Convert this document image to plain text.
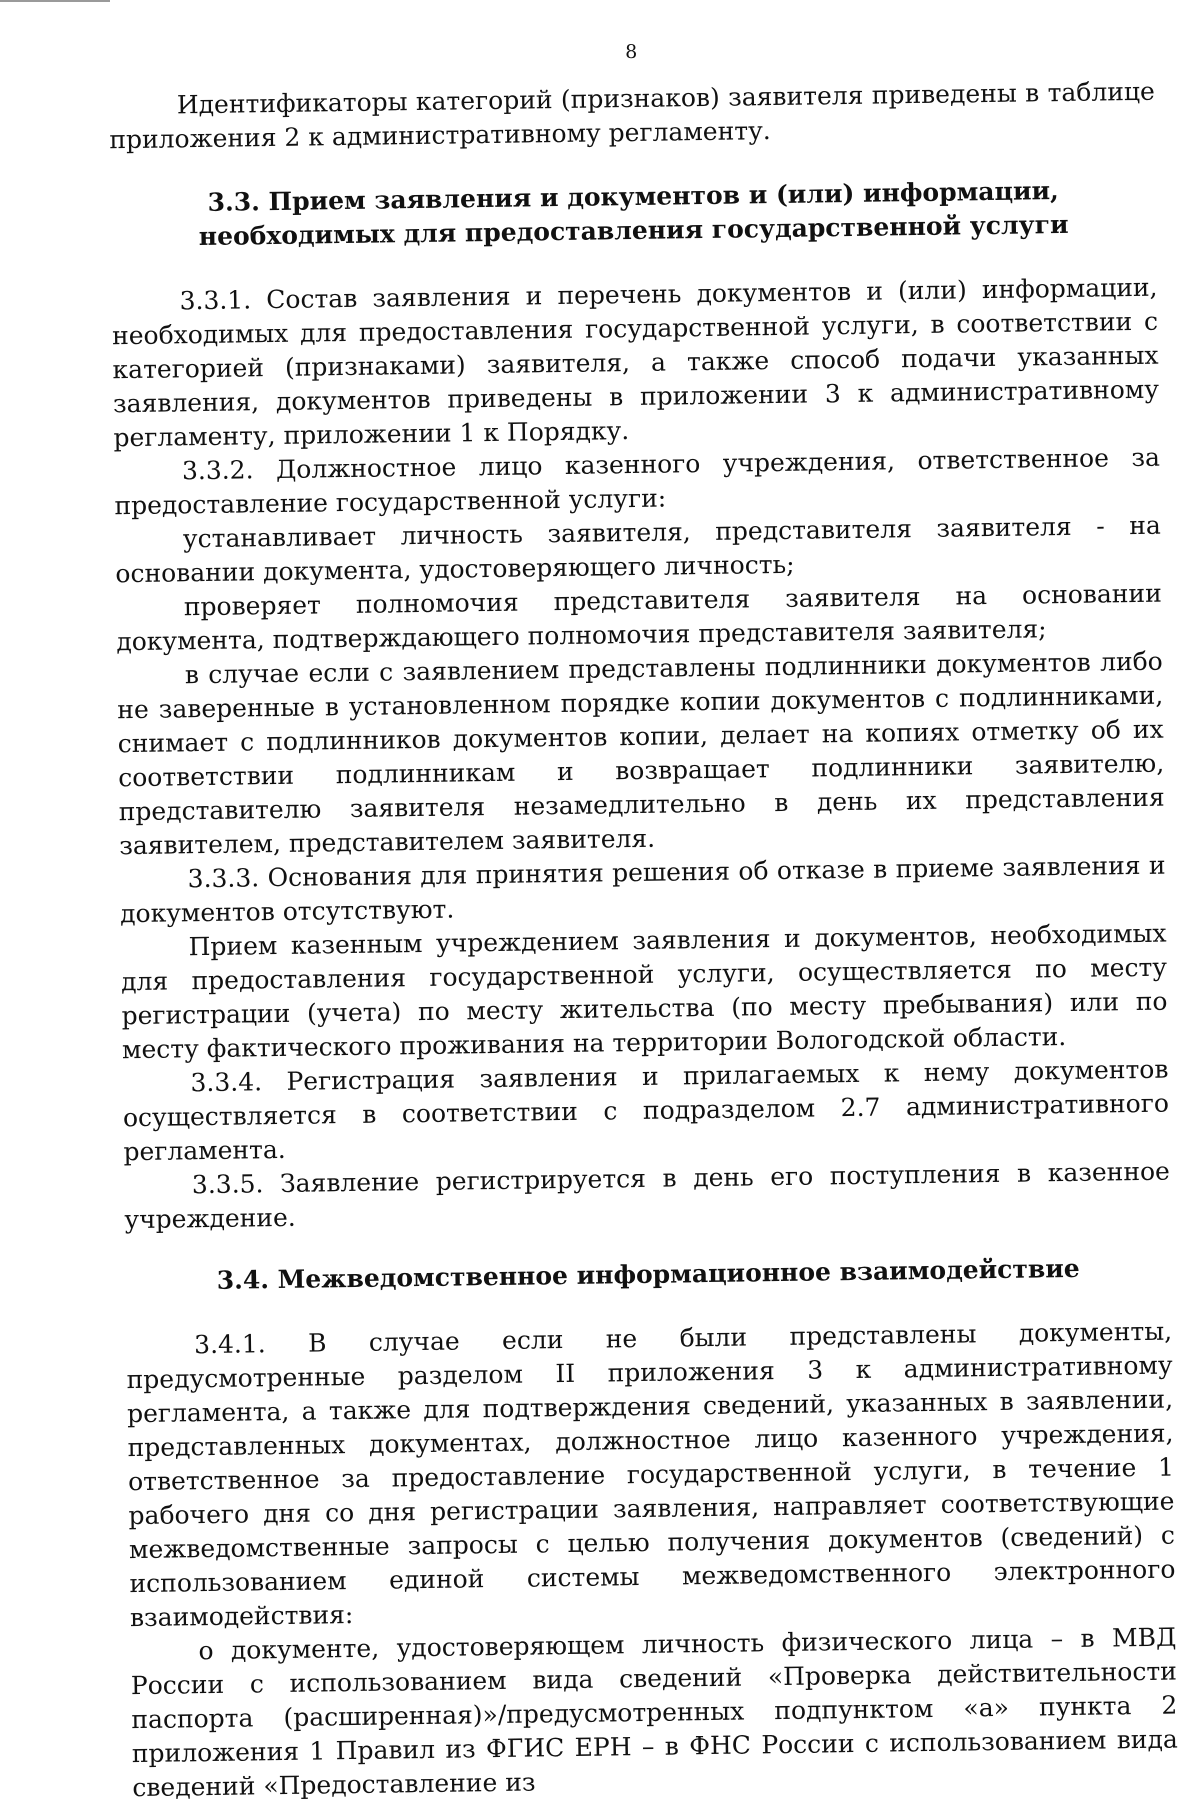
8

Идентификаторы категорий (признаков) заявителя приведены в таблице приложения 2 к административному регламенту.

3.3. Прием заявления и документов и (или) информации, необходимых для предоставления государственной услуги

3.3.1. Состав заявления и перечень документов и (или) информации, необходимых для предоставления государственной услуги, в соответствии с категорией (признаками) заявителя, а также способ подачи указанных заявления, документов приведены в приложении 3 к административному регламенту, приложении 1 к Порядку.

3.3.2. Должностное лицо казенного учреждения, ответственное за предоставление государственной услуги:

устанавливает личность заявителя, представителя заявителя - на основании документа, удостоверяющего личность;

проверяет полномочия представителя заявителя на основании документа, подтверждающего полномочия представителя заявителя;

в случае если с заявлением представлены подлинники документов либо не заверенные в установленном порядке копии документов с подлинниками, снимает с подлинников документов копии, делает на копиях отметку об их соответствии подлинникам и возвращает подлинники заявителю, представителю заявителя незамедлительно в день их представления заявителем, представителем заявителя.

3.3.3. Основания для принятия решения об отказе в приеме заявления и документов отсутствуют.

Прием казенным учреждением заявления и документов, необходимых для предоставления государственной услуги, осуществляется по месту регистрации (учета) по месту жительства (по месту пребывания) или по месту фактического проживания на территории Вологодской области.

3.3.4. Регистрация заявления и прилагаемых к нему документов осуществляется в соответствии с подразделом 2.7 административного регламента.

3.3.5. Заявление регистрируется в день его поступления в казенное учреждение.

3.4. Межведомственное информационное взаимодействие

3.4.1. В случае если не были представлены документы, предусмотренные разделом II приложения 3 к административному регламента, а также для подтверждения сведений, указанных в заявлении, представленных документах, должностное лицо казенного учреждения, ответственное за предоставление государственной услуги, в течение 1 рабочего дня со дня регистрации заявления, направляет соответствующие межведомственные запросы с целью получения документов (сведений) с использованием единой системы межведомственного электронного взаимодействия:

о документе, удостоверяющем личность физического лица – в МВД России с использованием вида сведений «Проверка действительности паспорта (расширенная)»/предусмотренных подпунктом «а» пункта 2 приложения 1 Правил из ФГИС ЕРН – в ФНС России с использованием вида сведений «Предоставление из
